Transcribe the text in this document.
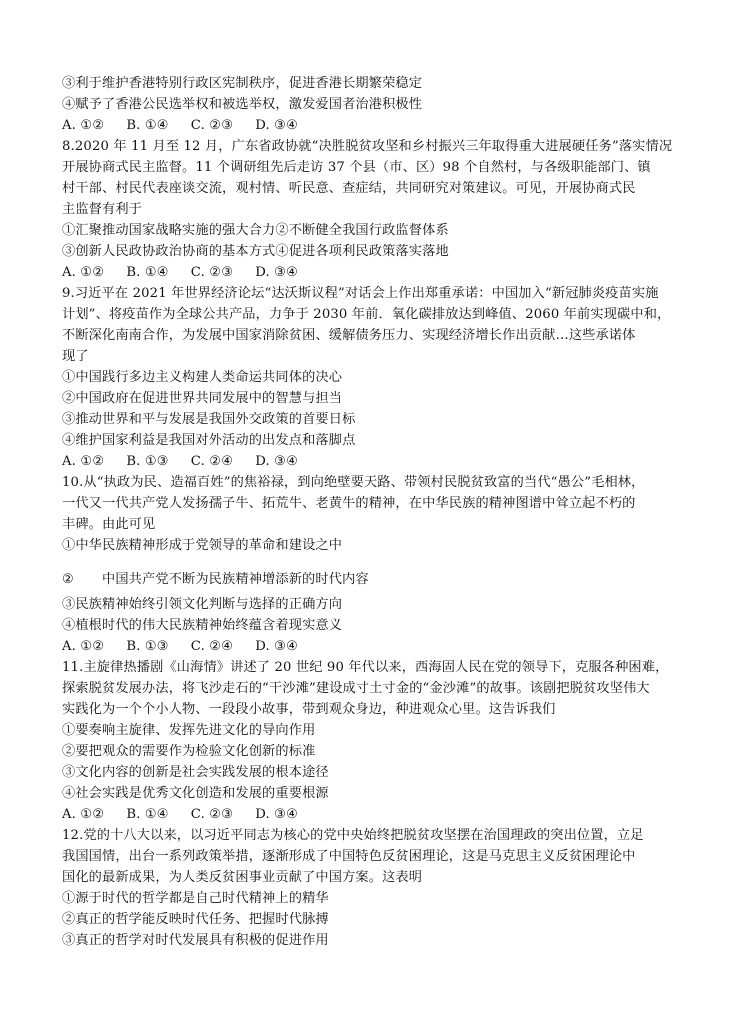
③利于维护香港特别行政区宪制秩序，促进香港长期繁荣稳定
④赋予了香港公民选举权和被选举权，激发爱国者治港积极性
A. ①② B. ①④ C. ②③ D. ③④
8.2020 年 11 月至 12 月，广东省政协就“决胜脱贫攻坚和乡村振兴三年取得重大进展硬任务”落实情况
开展协商式民主监督。11 个调研组先后走访 37 个县（市、区）98 个自然村，与各级职能部门、镇
村干部、村民代表座谈交流，观村情、听民意、查症结，共同研究对策建议。可见，开展协商式民
主监督有利于
①汇聚推动国家战略实施的强大合力②不断健全我国行政监督体系
③创新人民政协政治协商的基本方式④促进各项利民政策落实落地
A. ①② B. ①④ C. ②③ D. ③④
9.习近平在 2021 年世界经济论坛“达沃斯议程”对话会上作出郑重承诺：中国加入“新冠肺炎疫苗实施
计划”、将疫苗作为全球公共产品，力争于 2030 年前．氧化碳排放达到峰值、2060 年前实现碳中和，
不断深化南南合作，为发展中国家消除贫困、缓解债务压力、实现经济增长作出贡献…这些承诺体
现了
①中国践行多边主义构建人类命运共同体的决心
②中国政府在促进世界共同发展中的智慧与担当
③推动世界和平与发展是我国外交政策的首要日标
④维护国家利益是我国对外活动的出发点和落脚点
A. ①② B. ①③ C. ②④ D. ③④
10.从“执政为民、造福百姓”的焦裕禄，到向绝壁要天路、带领村民脱贫致富的当代“愚公”毛相林，
一代又一代共产党人发扬孺子牛、拓荒牛、老黄牛的精神，在中华民族的精神图谱中耸立起不朽的
丰碑。由此可见
①中华民族精神形成于党领导的革命和建设之中
② 中国共产党不断为民族精神增添新的时代内容
③民族精神始终引领文化判断与选择的正确方向
④植根时代的伟大民族精神始终蕴含着现实意义
A. ①② B. ①③ C. ②④ D. ③④
11.主旋律热播剧《山海情》讲述了 20 世纪 90 年代以来，西海固人民在党的领导下，克服各种困难，
探索脱贫发展办法，将飞沙走石的“干沙滩”建设成寸土寸金的“金沙滩”的故事。该剧把脱贫攻坚伟大
实践化为一个个小人物、一段段小故事，带到观众身边，种进观众心里。这告诉我们
①要奏响主旋律、发挥先进文化的导向作用
②要把观众的需要作为检验文化创新的标准
③文化内容的创新是社会实践发展的根本途径
④社会实践是优秀文化创造和发展的重要根源
A. ①② B. ①④ C. ②③ D. ③④
12.党的十八大以来，以习近平同志为核心的党中央始终把脱贫攻坚摆在治国理政的突出位置，立足
我国国情，出台一系列政策举措，逐渐形成了中国特色反贫困理论，这是马克思主义反贫困理论中
国化的最新成果，为人类反贫困事业贡献了中国方案。这表明
①源于时代的哲学都是自己时代精神上的精华
②真正的哲学能反映时代任务、把握时代脉搏
③真正的哲学对时代发展具有积极的促进作用
